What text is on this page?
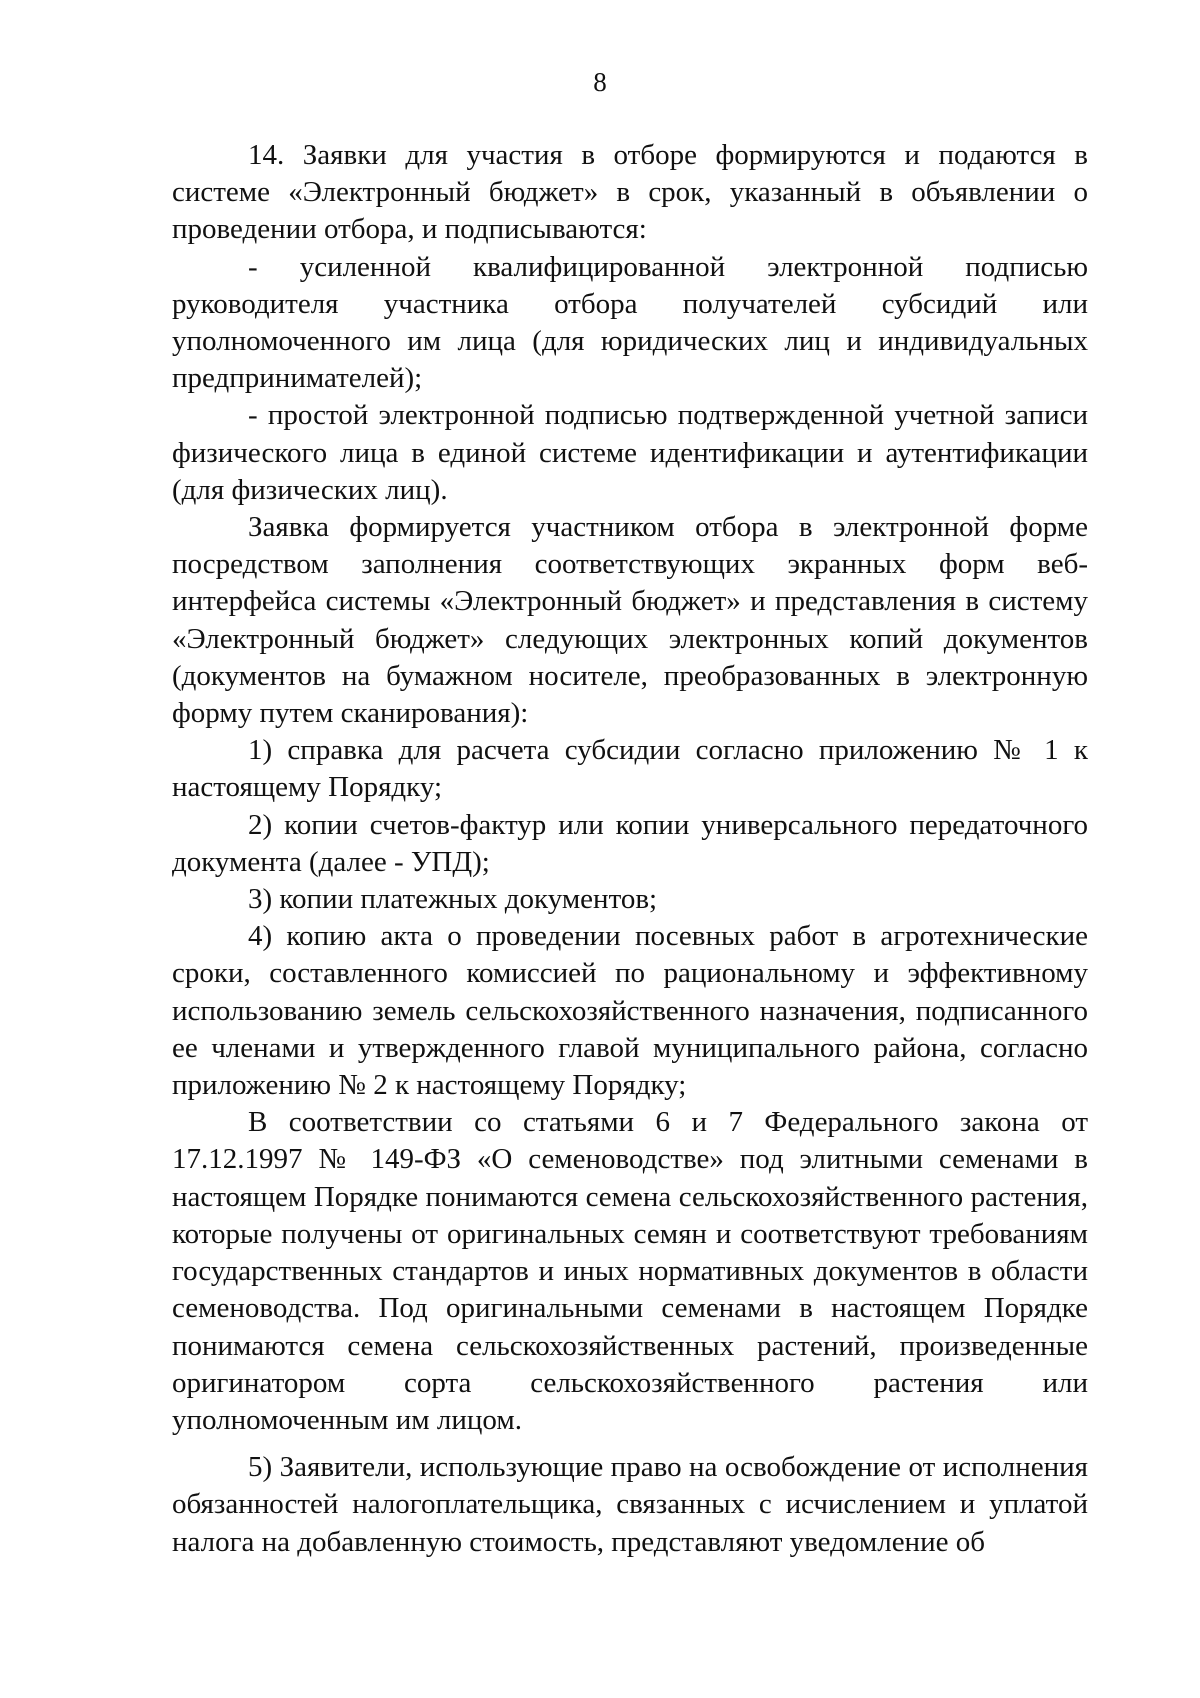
8

14. Заявки для участия в отборе формируются и подаются в системе «Электронный бюджет» в срок, указанный в объявлении о проведении отбора, и подписываются:

- усиленной квалифицированной электронной подписью руководителя участника отбора получателей субсидий или уполномоченного им лица (для юридических лиц и индивидуальных предпринимателей);

- простой электронной подписью подтвержденной учетной записи физического лица в единой системе идентификации и аутентификации (для физических лиц).

Заявка формируется участником отбора в электронной форме посредством заполнения соответствующих экранных форм веб-интерфейса системы «Электронный бюджет» и представления в систему «Электронный бюджет» следующих электронных копий документов (документов на бумажном носителе, преобразованных в электронную форму путем сканирования):

1) справка для расчета субсидии согласно приложению № 1 к настоящему Порядку;

2) копии счетов-фактур или копии универсального передаточного документа (далее - УПД);

3) копии платежных документов;

4) копию акта о проведении посевных работ в агротехнические сроки, составленного комиссией по рациональному и эффективному использованию земель сельскохозяйственного назначения, подписанного ее членами и утвержденного главой муниципального района, согласно приложению № 2 к настоящему Порядку;

В соответствии со статьями 6 и 7 Федерального закона от 17.12.1997 № 149-ФЗ «О семеноводстве» под элитными семенами в настоящем Порядке понимаются семена сельскохозяйственного растения, которые получены от оригинальных семян и соответствуют требованиям государственных стандартов и иных нормативных документов в области семеноводства. Под оригинальными семенами в настоящем Порядке понимаются семена сельскохозяйственных растений, произведенные оригинатором сорта сельскохозяйственного растения или уполномоченным им лицом.

5) Заявители, использующие право на освобождение от исполнения обязанностей налогоплательщика, связанных с исчислением и уплатой налога на добавленную стоимость, представляют уведомление об
